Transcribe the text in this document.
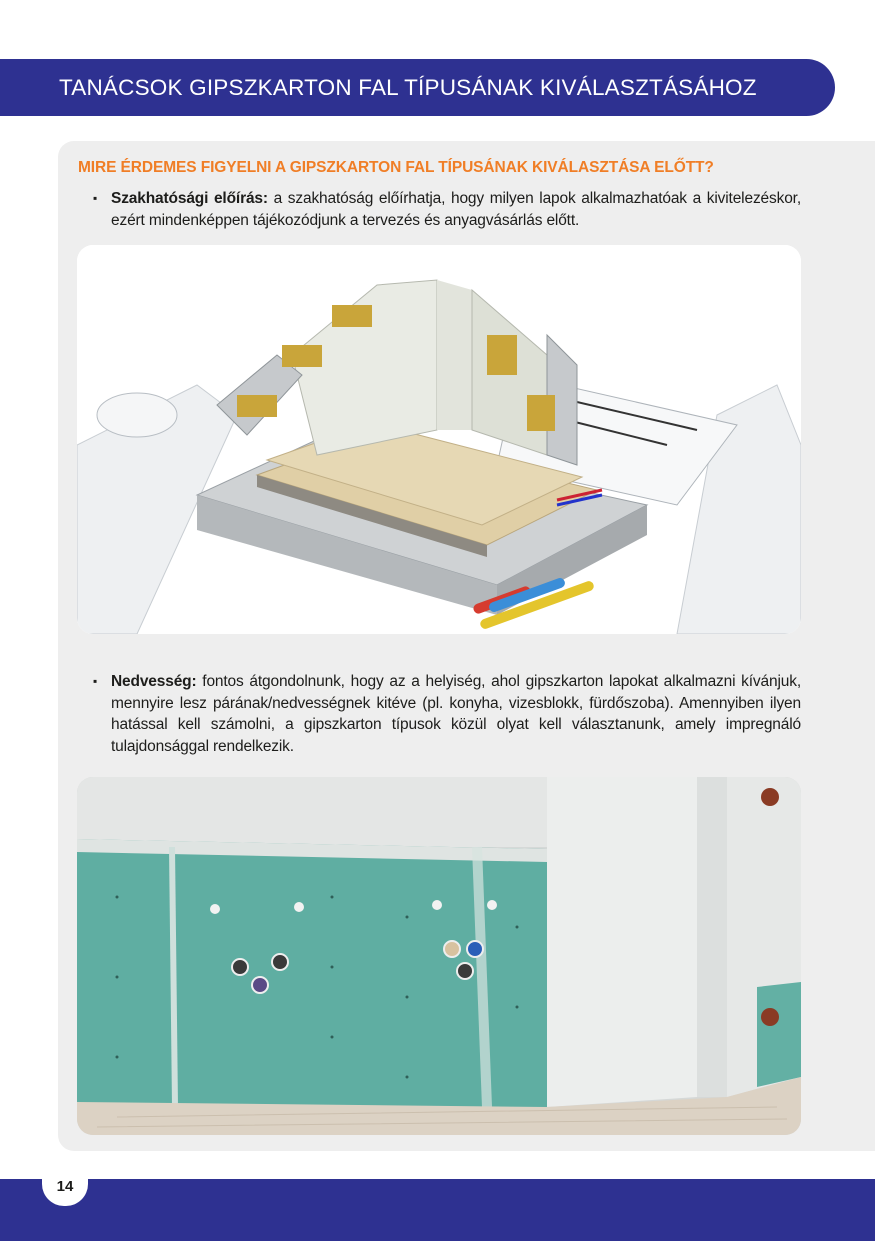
TANÁCSOK GIPSZKARTON FAL TÍPUSÁNAK KIVÁLASZTÁSÁHOZ
MIRE ÉRDEMES FIGYELNI A GIPSZKARTON FAL TÍPUSÁNAK KIVÁLASZTÁSA ELŐTT?
▪ Szakhatósági előírás: a szakhatóság előírhatja, hogy milyen lapok alkalmazhatóak a kivitelezéskor, ezért mindenképpen tájékozódjunk a tervezés és anyagvásárlás előtt.
▪ Nedvesség: fontos átgondolnunk, hogy az a helyiség, ahol gipszkarton lapokat alkalmazni kívánjuk, mennyire lesz párának/nedvességnek kitéve (pl. konyha, vizesblokk, fürdőszoba). Amennyiben ilyen hatással kell számolni, a gipszkarton típusok közül olyat kell választanunk, amely impregnáló tulajdonsággal rendelkezik.
14
